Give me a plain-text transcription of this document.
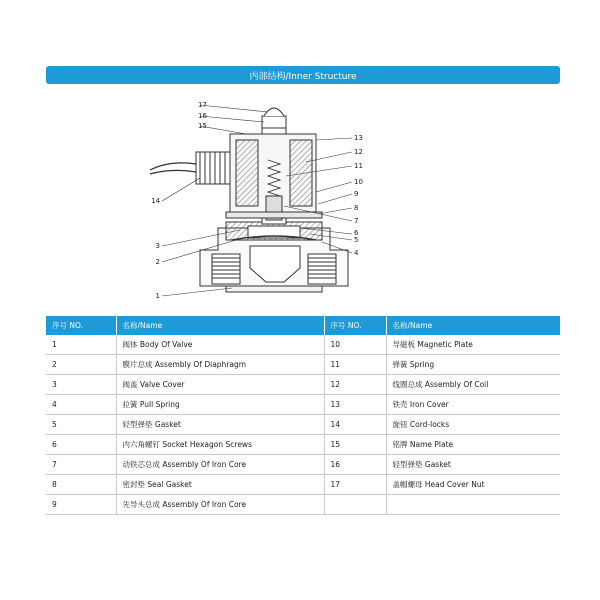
内部结构/Inner Structure
1
2
3
4
5
6
7
8
9
10
11
12
13
14
15
16
17
序号 NO.	名称/Name	序号 NO.	名称/Name
1	阀体 Body Of Valve	10	导磁板 Magnetic Plate
2	膜片总成 Assembly Of Diaphragm	11	弹簧 Spring
3	阀盖 Valve Cover	12	线圈总成 Assembly Of Coil
4	拉簧 Pull Spring	13	铁壳 Iron Cover
5	轻型弹垫 Gasket	14	旋钮 Cord-locks
6	内六角螺钉 Socket Hexagon Screws	15	铭牌 Name Plate
7	动铁芯总成 Assembly Of Iron Core	16	轻型弹垫 Gasket
8	密封垫 Seal Gasket	17	盖帽螺母 Head Cover Nut
9	先导头总成 Assembly Of Iron Core		
